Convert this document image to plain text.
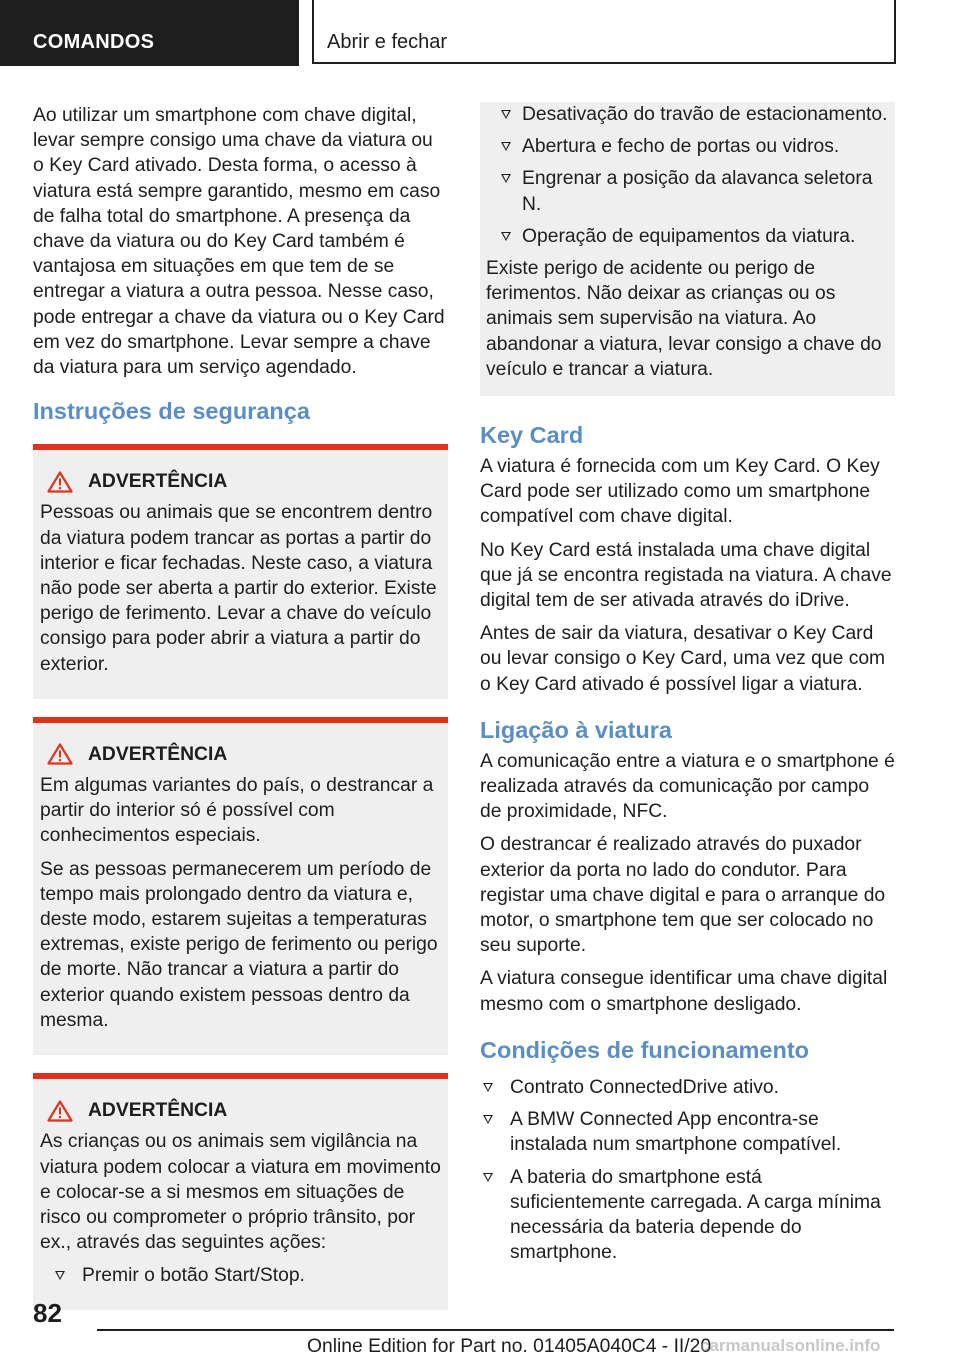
COMANDOS	Abrir e fechar

Ao utilizar um smartphone com chave digital, levar sempre consigo uma chave da viatura ou o Key Card ativado. Desta forma, o acesso à viatura está sempre garantido, mesmo em caso de falha total do smartphone. A presença da chave da viatura ou do Key Card também é vantajosa em situações em que tem de se entregar a viatura a outra pessoa. Nesse caso, pode entregar a chave da viatura ou o Key Card em vez do smartphone. Levar sempre a chave da viatura para um serviço agendado.

Instruções de segurança
ADVERTÊNCIA

Pessoas ou animais que se encontrem dentro da viatura podem trancar as portas a partir do interior e ficar fechadas. Neste caso, a viatura não pode ser aberta a partir do exterior. Existe perigo de ferimento. Levar a chave do veículo consigo para poder abrir a viatura a partir do exterior.

ADVERTÊNCIA

Em algumas variantes do país, o destrancar a partir do interior só é possível com conhecimentos especiais.

Se as pessoas permanecerem um período de tempo mais prolongado dentro da viatura e, deste modo, estarem sujeitas a temperaturas extremas, existe perigo de ferimento ou perigo de morte. Não trancar a viatura a partir do exterior quando existem pessoas dentro da mesma.

ADVERTÊNCIA

As crianças ou os animais sem vigilância na viatura podem colocar a viatura em movimento e colocar-se a si mesmos em situações de risco ou comprometer o próprio trânsito, por ex., através das seguintes ações:

Premir o botão Start/Stop.
Desativação do travão de estacionamento.
Abertura e fecho de portas ou vidros.
Engrenar a posição da alavanca seletora N.
Operação de equipamentos da viatura.

Existe perigo de acidente ou perigo de ferimentos. Não deixar as crianças ou os animais sem supervisão na viatura. Ao abandonar a viatura, levar consigo a chave do veículo e trancar a viatura.

Key Card

A viatura é fornecida com um Key Card. O Key Card pode ser utilizado como um smartphone compatível com chave digital.

No Key Card está instalada uma chave digital que já se encontra registada na viatura. A chave digital tem de ser ativada através do iDrive.

Antes de sair da viatura, desativar o Key Card ou levar consigo o Key Card, uma vez que com o Key Card ativado é possível ligar a viatura.

Ligação à viatura

A comunicação entre a viatura e o smartphone é realizada através da comunicação por campo de proximidade, NFC.

O destrancar é realizado através do puxador exterior da porta no lado do condutor. Para registar uma chave digital e para o arranque do motor, o smartphone tem que ser colocado no seu suporte.

A viatura consegue identificar uma chave digital mesmo com o smartphone desligado.

Condições de funcionamento
Contrato ConnectedDrive ativo.
A BMW Connected App encontra-se instalada num smartphone compatível.
A bateria do smartphone está suficientemente carregada. A carga mínima necessária da bateria depende do smartphone.
82
Online Edition for Part no. 01405A040C4 - II/20
carmanualsonline.info
